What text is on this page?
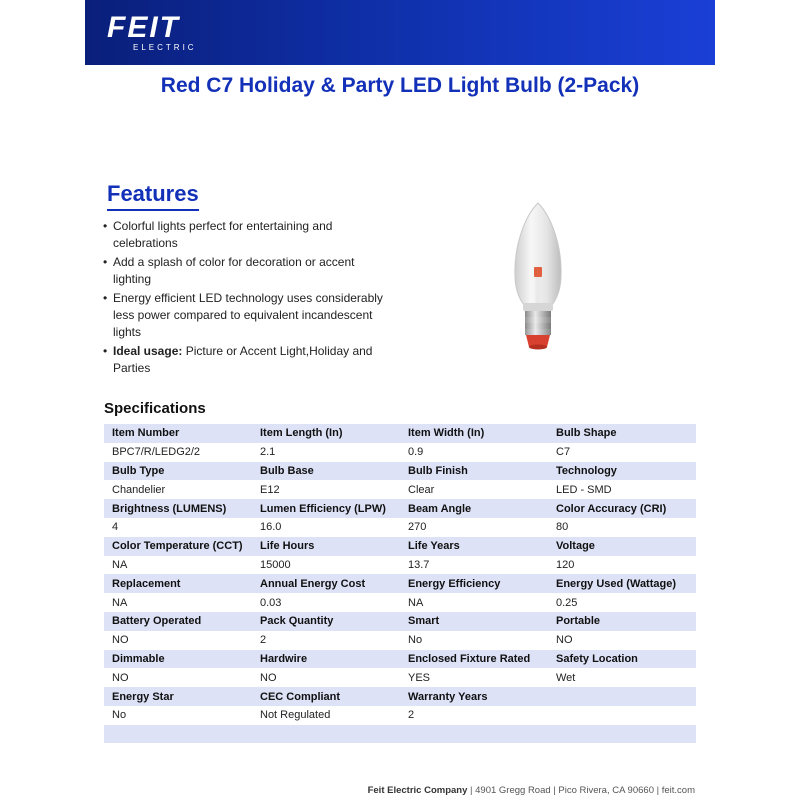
FEIT
ELECTRIC
Red C7 Holiday & Party LED Light Bulb (2-Pack)
Features
• Colorful lights perfect for entertaining and celebrations
• Add a splash of color for decoration or accent lighting
• Energy efficient LED technology uses considerably less power compared to equivalent incandescent lights
• Ideal usage: Picture or Accent Light,Holiday and Parties
Specifications
Item Number	Item Length (In)	Item Width (In)	Bulb Shape
BPC7/R/LEDG2/2	2.1	0.9	C7
Bulb Type	Bulb Base	Bulb Finish	Technology
Chandelier	E12	Clear	LED - SMD
Brightness (LUMENS)	Lumen Efficiency (LPW)	Beam Angle	Color Accuracy (CRI)
4	16.0	270	80
Color Temperature (CCT)	Life Hours	Life Years	Voltage
NA	15000	13.7	120
Replacement	Annual Energy Cost	Energy Efficiency	Energy Used (Wattage)
NA	0.03	NA	0.25
Battery Operated	Pack Quantity	Smart	Portable
NO	2	No	NO
Dimmable	Hardwire	Enclosed Fixture Rated	Safety Location
NO	NO	YES	Wet
Energy Star	CEC Compliant	Warranty Years	
No	Not Regulated	2	

Feit Electric Company | 4901 Gregg Road | Pico Rivera, CA 90660 | feit.com
